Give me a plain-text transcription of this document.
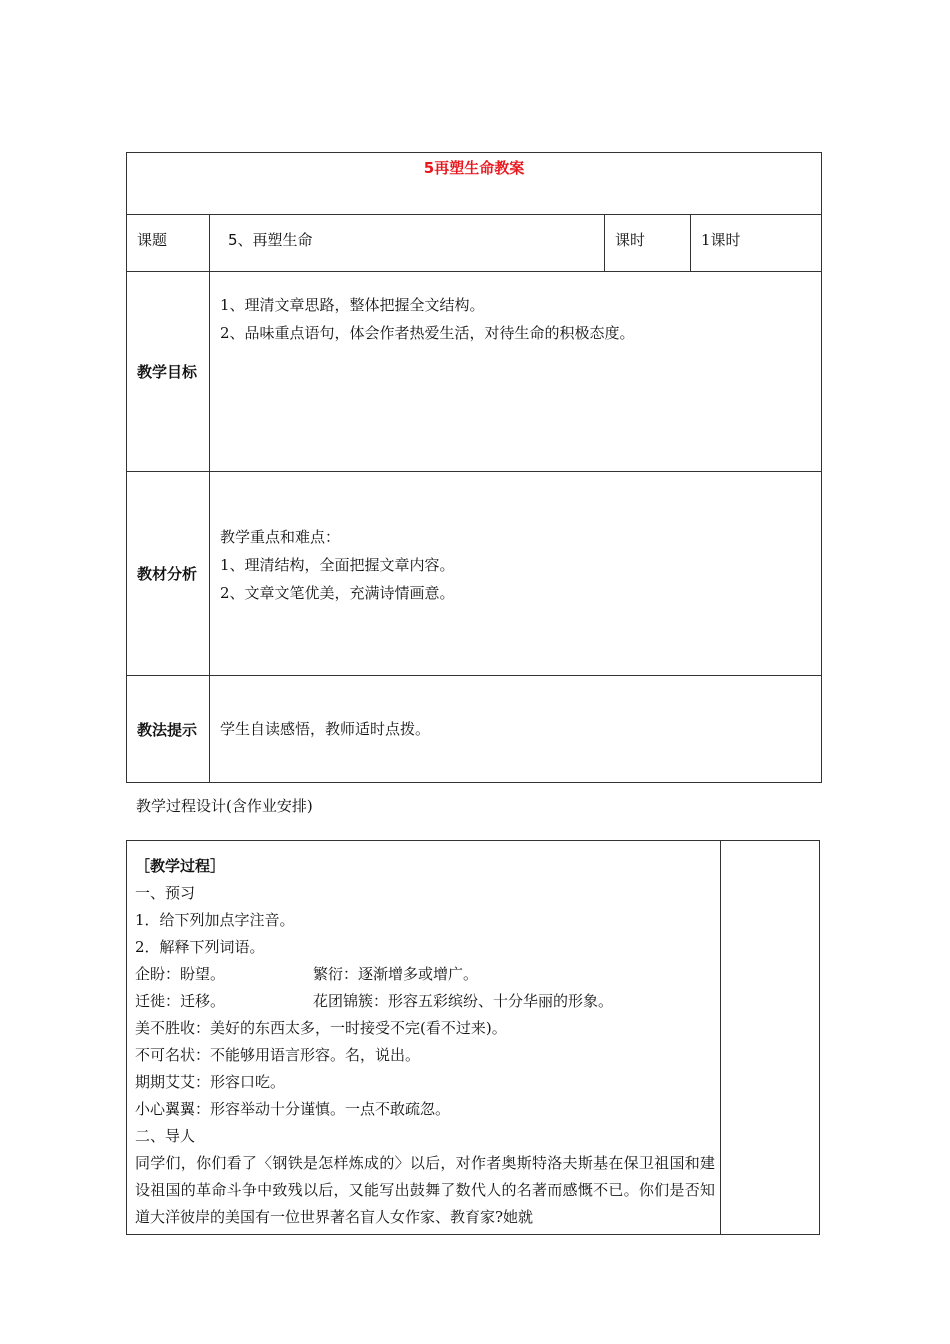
5再塑生命教案			
课题	5、再塑生命	课时	1课时
教学目标	1、理清文章思路，整体把握全文结构。
2、品味重点语句，体会作者热爱生活，对待生命的积极态度。		

教材分析	教学重点和难点：
1、理清结构，全面把握文章内容。
2、文章文笔优美，充满诗情画意。		

教法提示	学生自读感悟，教师适时点拨。		
教学过程设计(含作业安排)

［教学过程］

一、预习

1．给下列加点字注音。

2．解释下列词语。

企盼：盼望。	繁衍：逐渐增多或增广。

迁徙：迁移。	花团锦簇：形容五彩缤纷、十分华丽的形象。

美不胜收：美好的东西太多，一时接受不完(看不过来)。

不可名状：不能够用语言形容。名，说出。

期期艾艾：形容口吃。

小心翼翼：形容举动十分谨慎。一点不敢疏忽。

二、导人

同学们，你们看了〈钢铁是怎样炼成的〉以后，对作者奥斯特洛夫斯基在保卫祖国和建设祖国的革命斗争中致残以后，又能写出鼓舞了数代人的名著而感慨不已。你们是否知道大洋彼岸的美国有一位世界著名盲人女作家、教育家?她就
